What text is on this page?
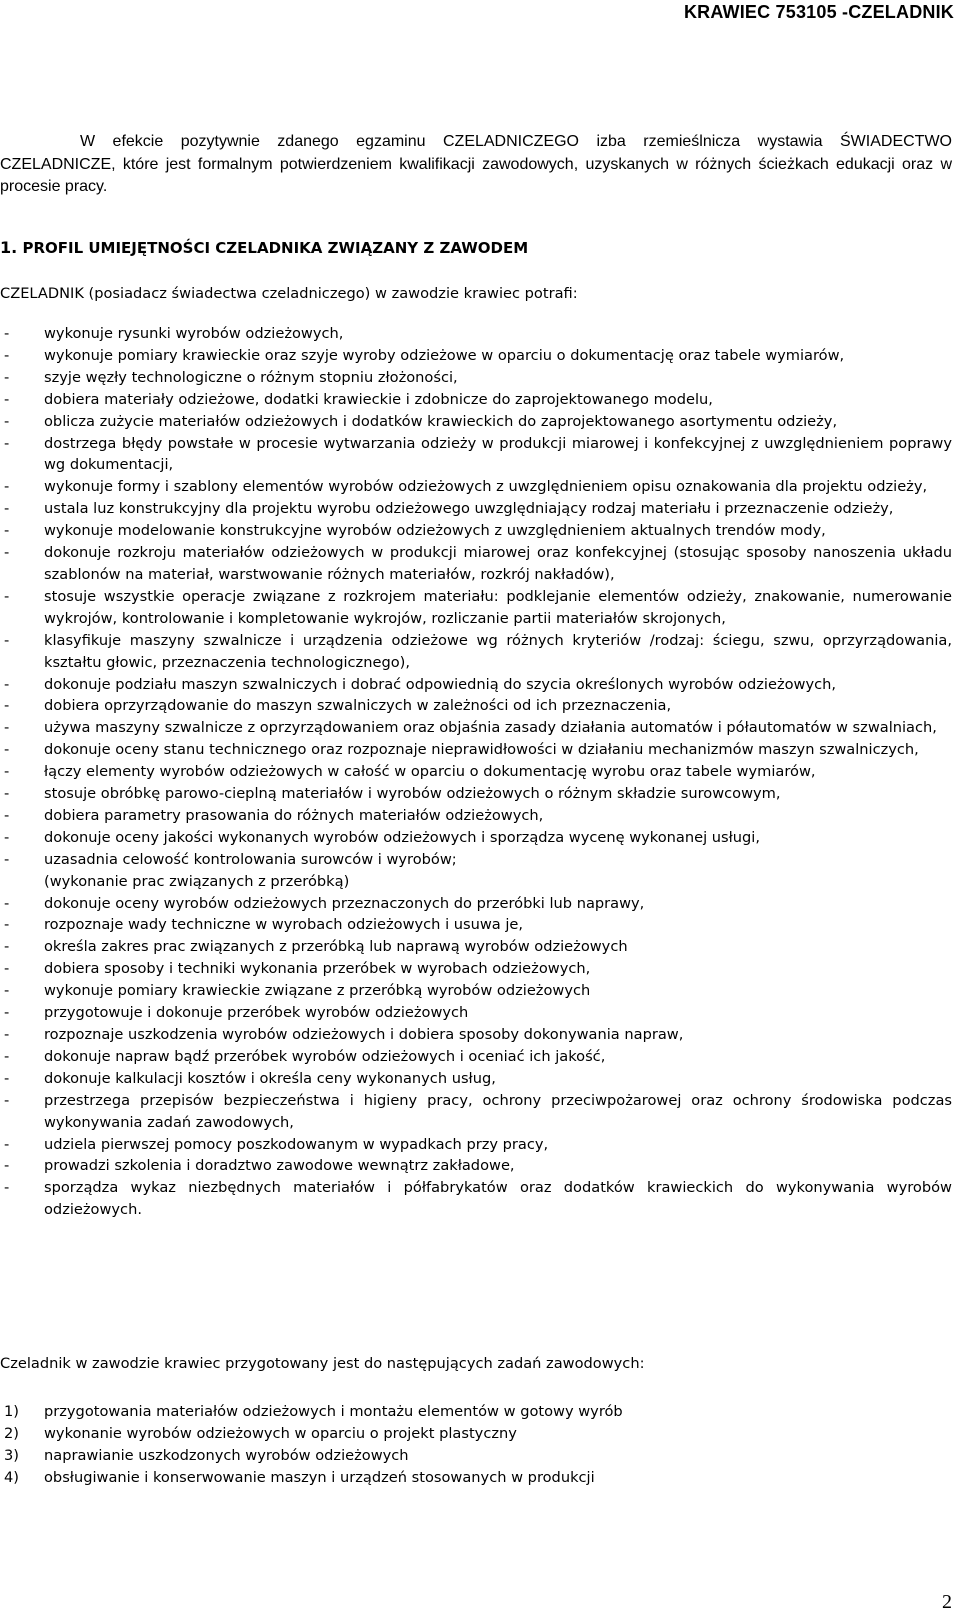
KRAWIEC 753105 -CZELADNIK

W efekcie pozytywnie zdanego egzaminu CZELADNICZEGO izba rzemieślnicza wystawia ŚWIADECTWO CZELADNICZE, które jest formalnym potwierdzeniem kwalifikacji zawodowych, uzyskanych w różnych ścieżkach edukacji oraz w procesie pracy.

1. PROFIL UMIEJĘTNOŚCI CZELADNIKA ZWIĄZANY Z ZAWODEM

CZELADNIK (posiadacz świadectwa czeladniczego) w zawodzie krawiec potrafi:

- wykonuje rysunki wyrobów odzieżowych,
- wykonuje pomiary krawieckie oraz szyje wyroby odzieżowe w oparciu o dokumentację oraz tabele wymiarów,
- szyje węzły technologiczne o różnym stopniu złożoności,
- dobiera materiały odzieżowe, dodatki krawieckie i zdobnicze do zaprojektowanego modelu,
- oblicza zużycie materiałów odzieżowych i dodatków krawieckich do zaprojektowanego asortymentu odzieży,
- dostrzega błędy powstałe w procesie wytwarzania odzieży w produkcji miarowej i konfekcyjnej z uwzględnieniem poprawy wg dokumentacji,
- wykonuje formy i szablony elementów wyrobów odzieżowych z uwzględnieniem opisu oznakowania dla projektu odzieży,
- ustala luz konstrukcyjny dla projektu wyrobu odzieżowego uwzględniający rodzaj materiału i przeznaczenie odzieży,
- wykonuje modelowanie konstrukcyjne wyrobów odzieżowych z uwzględnieniem aktualnych trendów mody,
- dokonuje rozkroju materiałów odzieżowych w produkcji miarowej oraz konfekcyjnej (stosując sposoby nanoszenia układu szablonów na materiał, warstwowanie różnych materiałów, rozkrój nakładów),
- stosuje wszystkie operacje związane z rozkrojem materiału: podklejanie elementów odzieży, znakowanie, numerowanie wykrojów, kontrolowanie i kompletowanie wykrojów, rozliczanie partii materiałów skrojonych,
- klasyfikuje maszyny szwalnicze i urządzenia odzieżowe wg różnych kryteriów /rodzaj: ściegu, szwu, oprzyrządowania, kształtu głowic, przeznaczenia technologicznego),
- dokonuje podziału maszyn szwalniczych i dobrać odpowiednią do szycia określonych wyrobów odzieżowych,
- dobiera oprzyrządowanie do maszyn szwalniczych w zależności od ich przeznaczenia,
- używa maszyny szwalnicze z oprzyrządowaniem oraz objaśnia zasady działania automatów i półautomatów w szwalniach,
- dokonuje oceny stanu technicznego oraz rozpoznaje nieprawidłowości w działaniu mechanizmów maszyn szwalniczych,
- łączy elementy wyrobów odzieżowych w całość w oparciu o dokumentację wyrobu oraz tabele wymiarów,
- stosuje obróbkę parowo-cieplną materiałów i wyrobów odzieżowych o różnym składzie surowcowym,
- dobiera parametry prasowania do różnych materiałów odzieżowych,
- dokonuje oceny jakości wykonanych wyrobów odzieżowych i sporządza wycenę wykonanej usługi,
- uzasadnia celowość kontrolowania surowców i wyrobów;
(wykonanie prac związanych z przeróbką)
- dokonuje oceny wyrobów odzieżowych przeznaczonych do przeróbki lub naprawy,
- rozpoznaje wady techniczne w wyrobach odzieżowych i usuwa je,
- określa zakres prac związanych z przeróbką lub naprawą wyrobów odzieżowych
- dobiera sposoby i techniki wykonania przeróbek w wyrobach odzieżowych,
- wykonuje pomiary krawieckie związane z przeróbką wyrobów odzieżowych
- przygotowuje i dokonuje przeróbek wyrobów odzieżowych
- rozpoznaje uszkodzenia wyrobów odzieżowych i dobiera sposoby dokonywania napraw,
- dokonuje napraw bądź przeróbek wyrobów odzieżowych i oceniać ich jakość,
- dokonuje kalkulacji kosztów i określa ceny wykonanych usług,
- przestrzega przepisów bezpieczeństwa i higieny pracy, ochrony przeciwpożarowej oraz ochrony środowiska podczas wykonywania zadań zawodowych,
- udziela pierwszej pomocy poszkodowanym w wypadkach przy pracy,
- prowadzi szkolenia i doradztwo zawodowe wewnątrz zakładowe,
- sporządza wykaz niezbędnych materiałów i półfabrykatów oraz dodatków krawieckich do wykonywania wyrobów odzieżowych.

Czeladnik w zawodzie krawiec przygotowany jest do następujących zadań zawodowych:

1) przygotowania materiałów odzieżowych i montażu elementów w gotowy wyrób
2) wykonanie wyrobów odzieżowych w oparciu o projekt plastyczny
3) naprawianie uszkodzonych wyrobów odzieżowych
4) obsługiwanie i konserwowanie maszyn i urządzeń stosowanych w produkcji
2
